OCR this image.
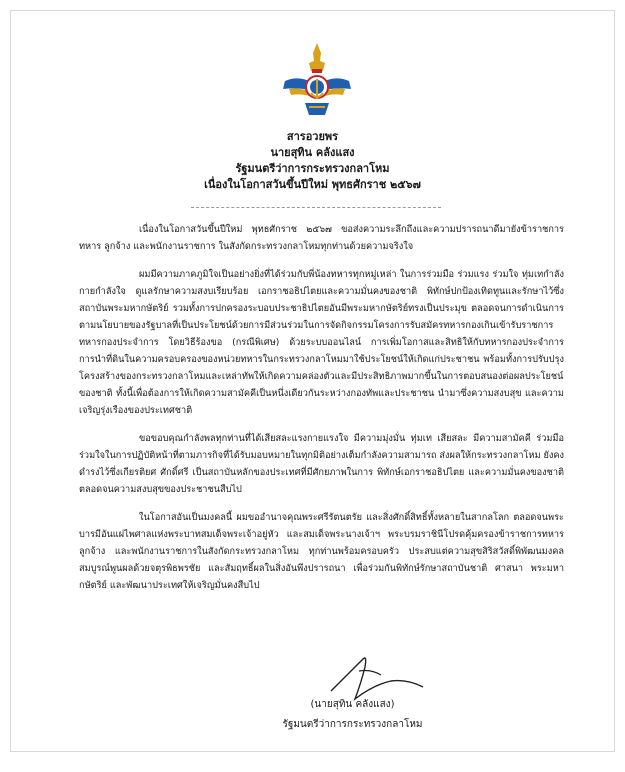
สารอวยพร
นายสุทิน คลังแสง
รัฐมนตรีว่าการกระทรวงกลาโหม
เนื่องในโอกาสวันขึ้นปีใหม่ พุทธศักราช ๒๕๖๗

เนื่องในโอกาสวันขึ้นปีใหม่ พุทธศักราช ๒๕๖๗ ขอส่งความระลึกถึงและความปรารถนาดีมายังข้าราชการทหาร ลูกจ้าง และพนักงานราชการ ในสังกัดกระทรวงกลาโหมทุกท่านด้วยความจริงใจ

ผมมีความภาคภูมิใจเป็นอย่างยิ่งที่ได้ร่วมกับพี่น้องทหารทุกหมู่เหล่า ในการร่วมมือ ร่วมแรง ร่วมใจ ทุ่มเทกำลังกายกำลังใจ ดูแลรักษาความสงบเรียบร้อย เอกราชอธิปไตยและความมั่นคงของชาติ พิทักษ์ปกป้องเทิดทูนและรักษาไว้ซึ่งสถาบันพระมหากษัตริย์ รวมทั้งการปกครองระบอบประชาธิปไตยอันมีพระมหากษัตริย์ทรงเป็นประมุข ตลอดจนการดำเนินการตามนโยบายของรัฐบาลที่เป็นประโยชน์ด้วยการมีส่วนร่วมในการจัดกิจกรรมโครงการรับสมัครทหารกองเกินเข้ารับราชการทหารกองประจำการ โดยวิธีร้องขอ (กรณีพิเศษ) ด้วยระบบออนไลน์ การเพิ่มโอกาสและสิทธิให้กับทหารกองประจำการ การนำที่ดินในความครอบครองของหน่วยทหารในกระทรวงกลาโหมมาใช้ประโยชน์ให้เกิดแก่ประชาชน พร้อมทั้งการปรับปรุงโครงสร้างของกระทรวงกลาโหมและเหล่าทัพให้เกิดความคล่องตัวและมีประสิทธิภาพมากขึ้นในการตอบสนองต่อผลประโยชน์ของชาติ ทั้งนี้เพื่อต้องการให้เกิดความสามัคคีเป็นหนึ่งเดียวกันระหว่างกองทัพและประชาชน นำมาซึ่งความสงบสุข และความเจริญรุ่งเรืองของประเทศชาติ

ขอขอบคุณกำลังพลทุกท่านที่ได้เสียสละแรงกายแรงใจ มีความมุ่งมั่น ทุ่มเท เสียสละ มีความสามัคคี ร่วมมือ ร่วมใจในการปฏิบัติหน้าที่ตามภารกิจที่ได้รับมอบหมายในทุกมิติอย่างเต็มกำลังความสามารถ ส่งผลให้กระทรวงกลาโหม ยังคงดำรงไว้ซึ่งเกียรติยศ ศักดิ์ศรี เป็นสถาบันหลักของประเทศที่มีศักยภาพในการ พิทักษ์เอกราชอธิปไตย และความมั่นคงของชาติ ตลอดจนความสงบสุขของประชาชนสืบไป

ในโอกาสอันเป็นมงคลนี้ ผมขออำนาจคุณพระศรีรัตนตรัย และสิ่งศักดิ์สิทธิ์ทั้งหลายในสากลโลก ตลอดจนพระบารมีอันแผ่ไพศาลแห่งพระบาทสมเด็จพระเจ้าอยู่หัว และสมเด็จพระนางเจ้าฯ พระบรมราชินีโปรดคุ้มครองข้าราชการทหาร ลูกจ้าง และพนักงานราชการในสังกัดกระทรวงกลาโหม ทุกท่านพร้อมครอบครัว ประสบแต่ความสุขสิริสวัสดิ์พิพัฒนมงคล สมบูรณ์พูนผลด้วยจตุรพิธพรชัย และสัมฤทธิ์ผลในสิ่งอันพึงปรารถนา เพื่อร่วมกันพิทักษ์รักษาสถาบันชาติ ศาสนา พระมหากษัตริย์ และพัฒนาประเทศให้เจริญมั่นคงสืบไป

(นายสุทิน คลังแสง)
รัฐมนตรีว่าการกระทรวงกลาโหม
